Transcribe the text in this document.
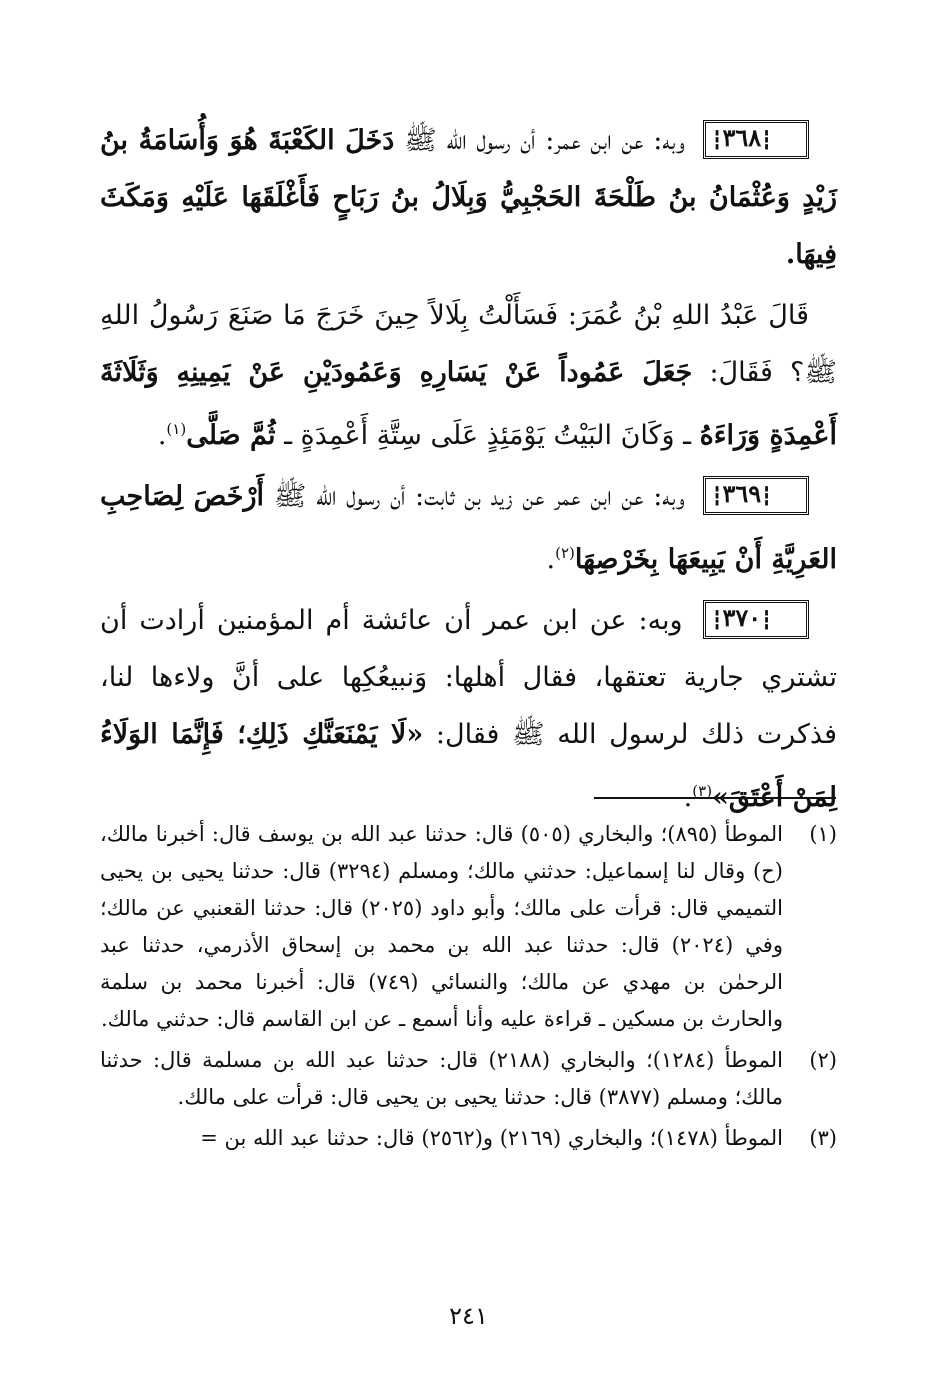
┇ ٣٦٨ ┇ وبه: عن ابن عمر: أن رسول الله ﷺ دَخَلَ الكَعْبَةَ هُوَ وَأُسَامَةُ بنُ زَيْدٍ وَعُثْمَانُ بنُ طَلْحَةَ الحَجْبِيُّ وَبِلَالُ بنُ رَبَاحٍ فَأَغْلَقَهَا عَلَيْهِ وَمَكَثَ فِيهَا.

قَالَ عَبْدُ اللهِ بْنُ عُمَرَ: فَسَأَلْتُ بِلَالاً حِينَ خَرَجَ مَا صَنَعَ رَسُولُ اللهِ ﷺ؟ فَقَالَ: جَعَلَ عَمُوداً عَنْ يَسَارِهِ وَعَمُودَيْنِ عَنْ يَمِينِهِ وَثَلَاثَةَ أَعْمِدَةٍ وَرَاءَهُ ـ وَكَانَ البَيْتُ يَوْمَئِذٍ عَلَى سِتَّةِ أَعْمِدَةٍ ـ ثُمَّ صَلَّى$^{(١)}$.

┇ ٣٦٩ ┇ وبه: عن ابن عمر عن زيد بن ثابت: أن رسول الله ﷺ أَرْخَصَ لِصَاحِبِ العَرِيَّةِ أَنْ يَبِيعَهَا بِخَرْصِهَا$^{(٢)}$.

┇ ٣٧٠ ┇ وبه: عن ابن عمر أن عائشة أم المؤمنين أرادت أن تشتري جارية تعتقها، فقال أهلها: وَنبيعُكِها على أنَّ ولاءها لنا، فذكرت ذلك لرسول الله ﷺ فقال: «لَا يَمْنَعَنَّكِ ذَلِكِ؛ فَإِنَّمَا الوَلَاءُ لِمَنْ أَعْتَقَ»$^{(٣)}$.

(١)
الموطأ (٨٩٥)؛ والبخاري (٥٠٥) قال: حدثنا عبد الله بن يوسف قال: أخبرنا مالك، (ح) وقال لنا إسماعيل: حدثني مالك؛ ومسلم (٣٢٩٤) قال: حدثنا يحيى بن يحيى التميمي قال: قرأت على مالك؛ وأبو داود (٢٠٢٥) قال: حدثنا القعنبي عن مالك؛ وفي (٢٠٢٤) قال: حدثنا عبد الله بن محمد بن إسحاق الأذرمي، حدثنا عبد الرحمٰن بن مهدي عن مالك؛ والنسائي (٧٤٩) قال: أخبرنا محمد بن سلمة والحارث بن مسكين ـ قراءة عليه وأنا أسمع ـ عن ابن القاسم قال: حدثني مالك.
(٢)
الموطأ (١٢٨٤)؛ والبخاري (٢١٨٨) قال: حدثنا عبد الله بن مسلمة قال: حدثنا مالك؛ ومسلم (٣٨٧٧) قال: حدثنا يحيى بن يحيى قال: قرأت على مالك.
(٣)
الموطأ (١٤٧٨)؛ والبخاري (٢١٦٩) و(٢٥٦٢) قال: حدثنا عبد الله بن =
٢٤١
